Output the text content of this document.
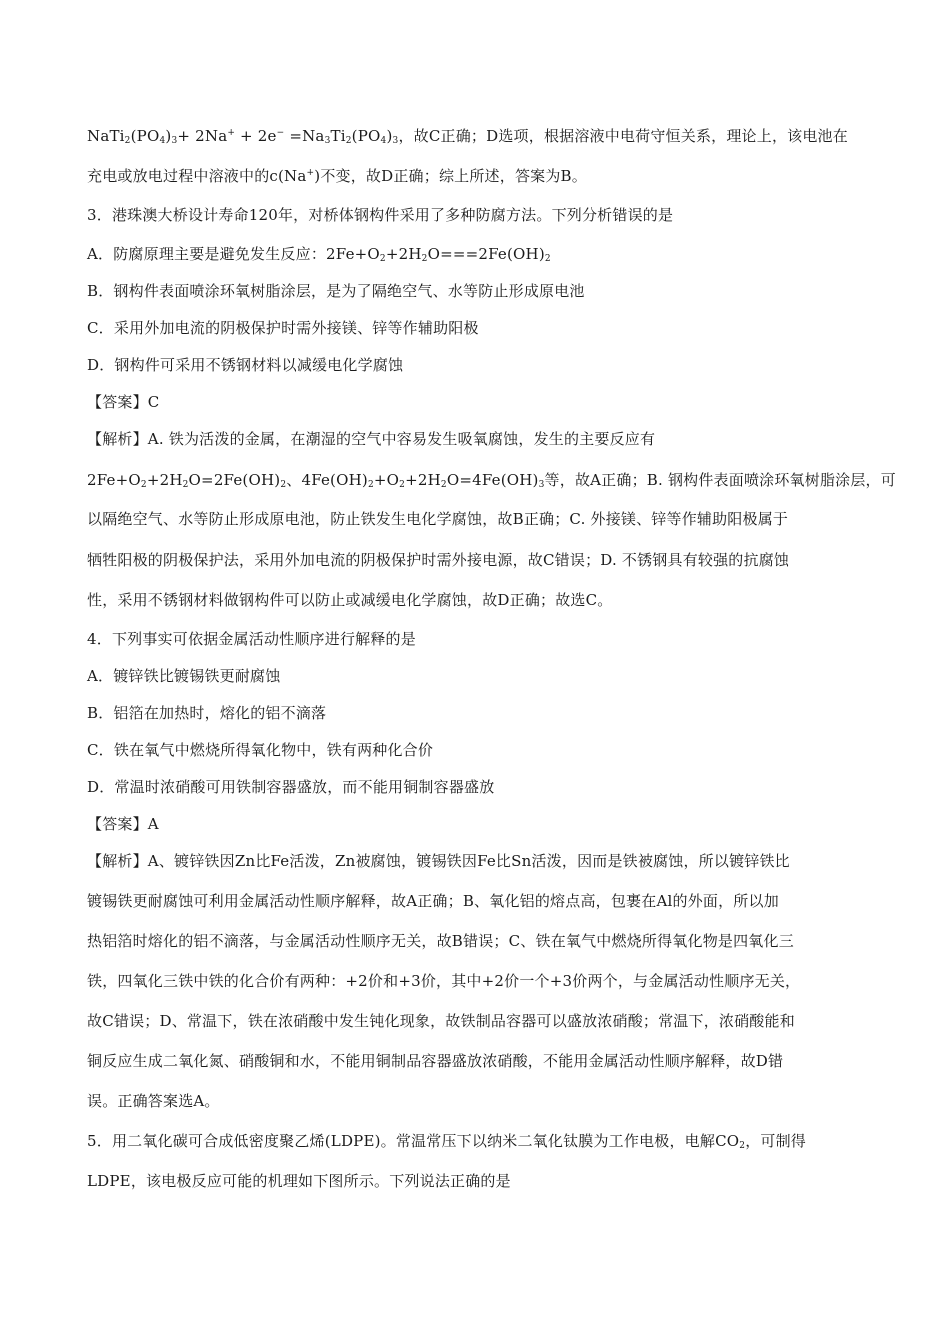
$NaTi_2(PO_4)_3+ 2Na^+ + 2e^- =Na_3Ti_2(PO_4)_3$，故C正确；D选项，根据溶液中电荷守恒关系，理论上，该电池在
充电或放电过程中溶液中的c(Na+)不变，故D正确；综上所述，答案为B。
3．港珠澳大桥设计寿命120年，对桥体钢构件采用了多种防腐方法。下列分析错误的是
A．防腐原理主要是避免发生反应：$2Fe+O_2+2H_2O===2Fe(OH)_2$
B．钢构件表面喷涂环氧树脂涂层，是为了隔绝空气、水等防止形成原电池
C．采用外加电流的阴极保护时需外接镁、锌等作辅助阳极
D．钢构件可采用不锈钢材料以减缓电化学腐蚀
【答案】C
【解析】A. 铁为活泼的金属，在潮湿的空气中容易发生吸氧腐蚀，发生的主要反应有
$2Fe+O_2+2H_2O=2Fe(OH)_2$、$4Fe(OH)_2+O_2+2H_2O=4Fe(OH)_3$等，故A正确；B. 钢构件表面喷涂环氧树脂涂层，可
以隔绝空气、水等防止形成原电池，防止铁发生电化学腐蚀，故B正确；C. 外接镁、锌等作辅助阳极属于
牺牲阳极的阴极保护法，采用外加电流的阴极保护时需外接电源，故C错误；D. 不锈钢具有较强的抗腐蚀
性，采用不锈钢材料做钢构件可以防止或减缓电化学腐蚀，故D正确；故选C。
4．下列事实可依据金属活动性顺序进行解释的是
A．镀锌铁比镀锡铁更耐腐蚀
B．铝箔在加热时，熔化的铝不滴落
C．铁在氧气中燃烧所得氧化物中，铁有两种化合价
D．常温时浓硝酸可用铁制容器盛放，而不能用铜制容器盛放
【答案】A
【解析】A、镀锌铁因Zn比Fe活泼，Zn被腐蚀，镀锡铁因Fe比Sn活泼，因而是铁被腐蚀，所以镀锌铁比
镀锡铁更耐腐蚀可利用金属活动性顺序解释，故A正确；B、氧化铝的熔点高，包裹在Al的外面，所以加
热铝箔时熔化的铝不滴落，与金属活动性顺序无关，故B错误；C、铁在氧气中燃烧所得氧化物是四氧化三
铁，四氧化三铁中铁的化合价有两种：+2价和+3价，其中+2价一个+3价两个，与金属活动性顺序无关，
故C错误；D、常温下，铁在浓硝酸中发生钝化现象，故铁制品容器可以盛放浓硝酸；常温下，浓硝酸能和
铜反应生成二氧化氮、硝酸铜和水，不能用铜制品容器盛放浓硝酸，不能用金属活动性顺序解释，故D错
误。正确答案选A。
5．用二氧化碳可合成低密度聚乙烯(LDPE)。常温常压下以纳米二氧化钛膜为工作电极，电解$CO_2$，可制得
LDPE，该电极反应可能的机理如下图所示。下列说法正确的是
